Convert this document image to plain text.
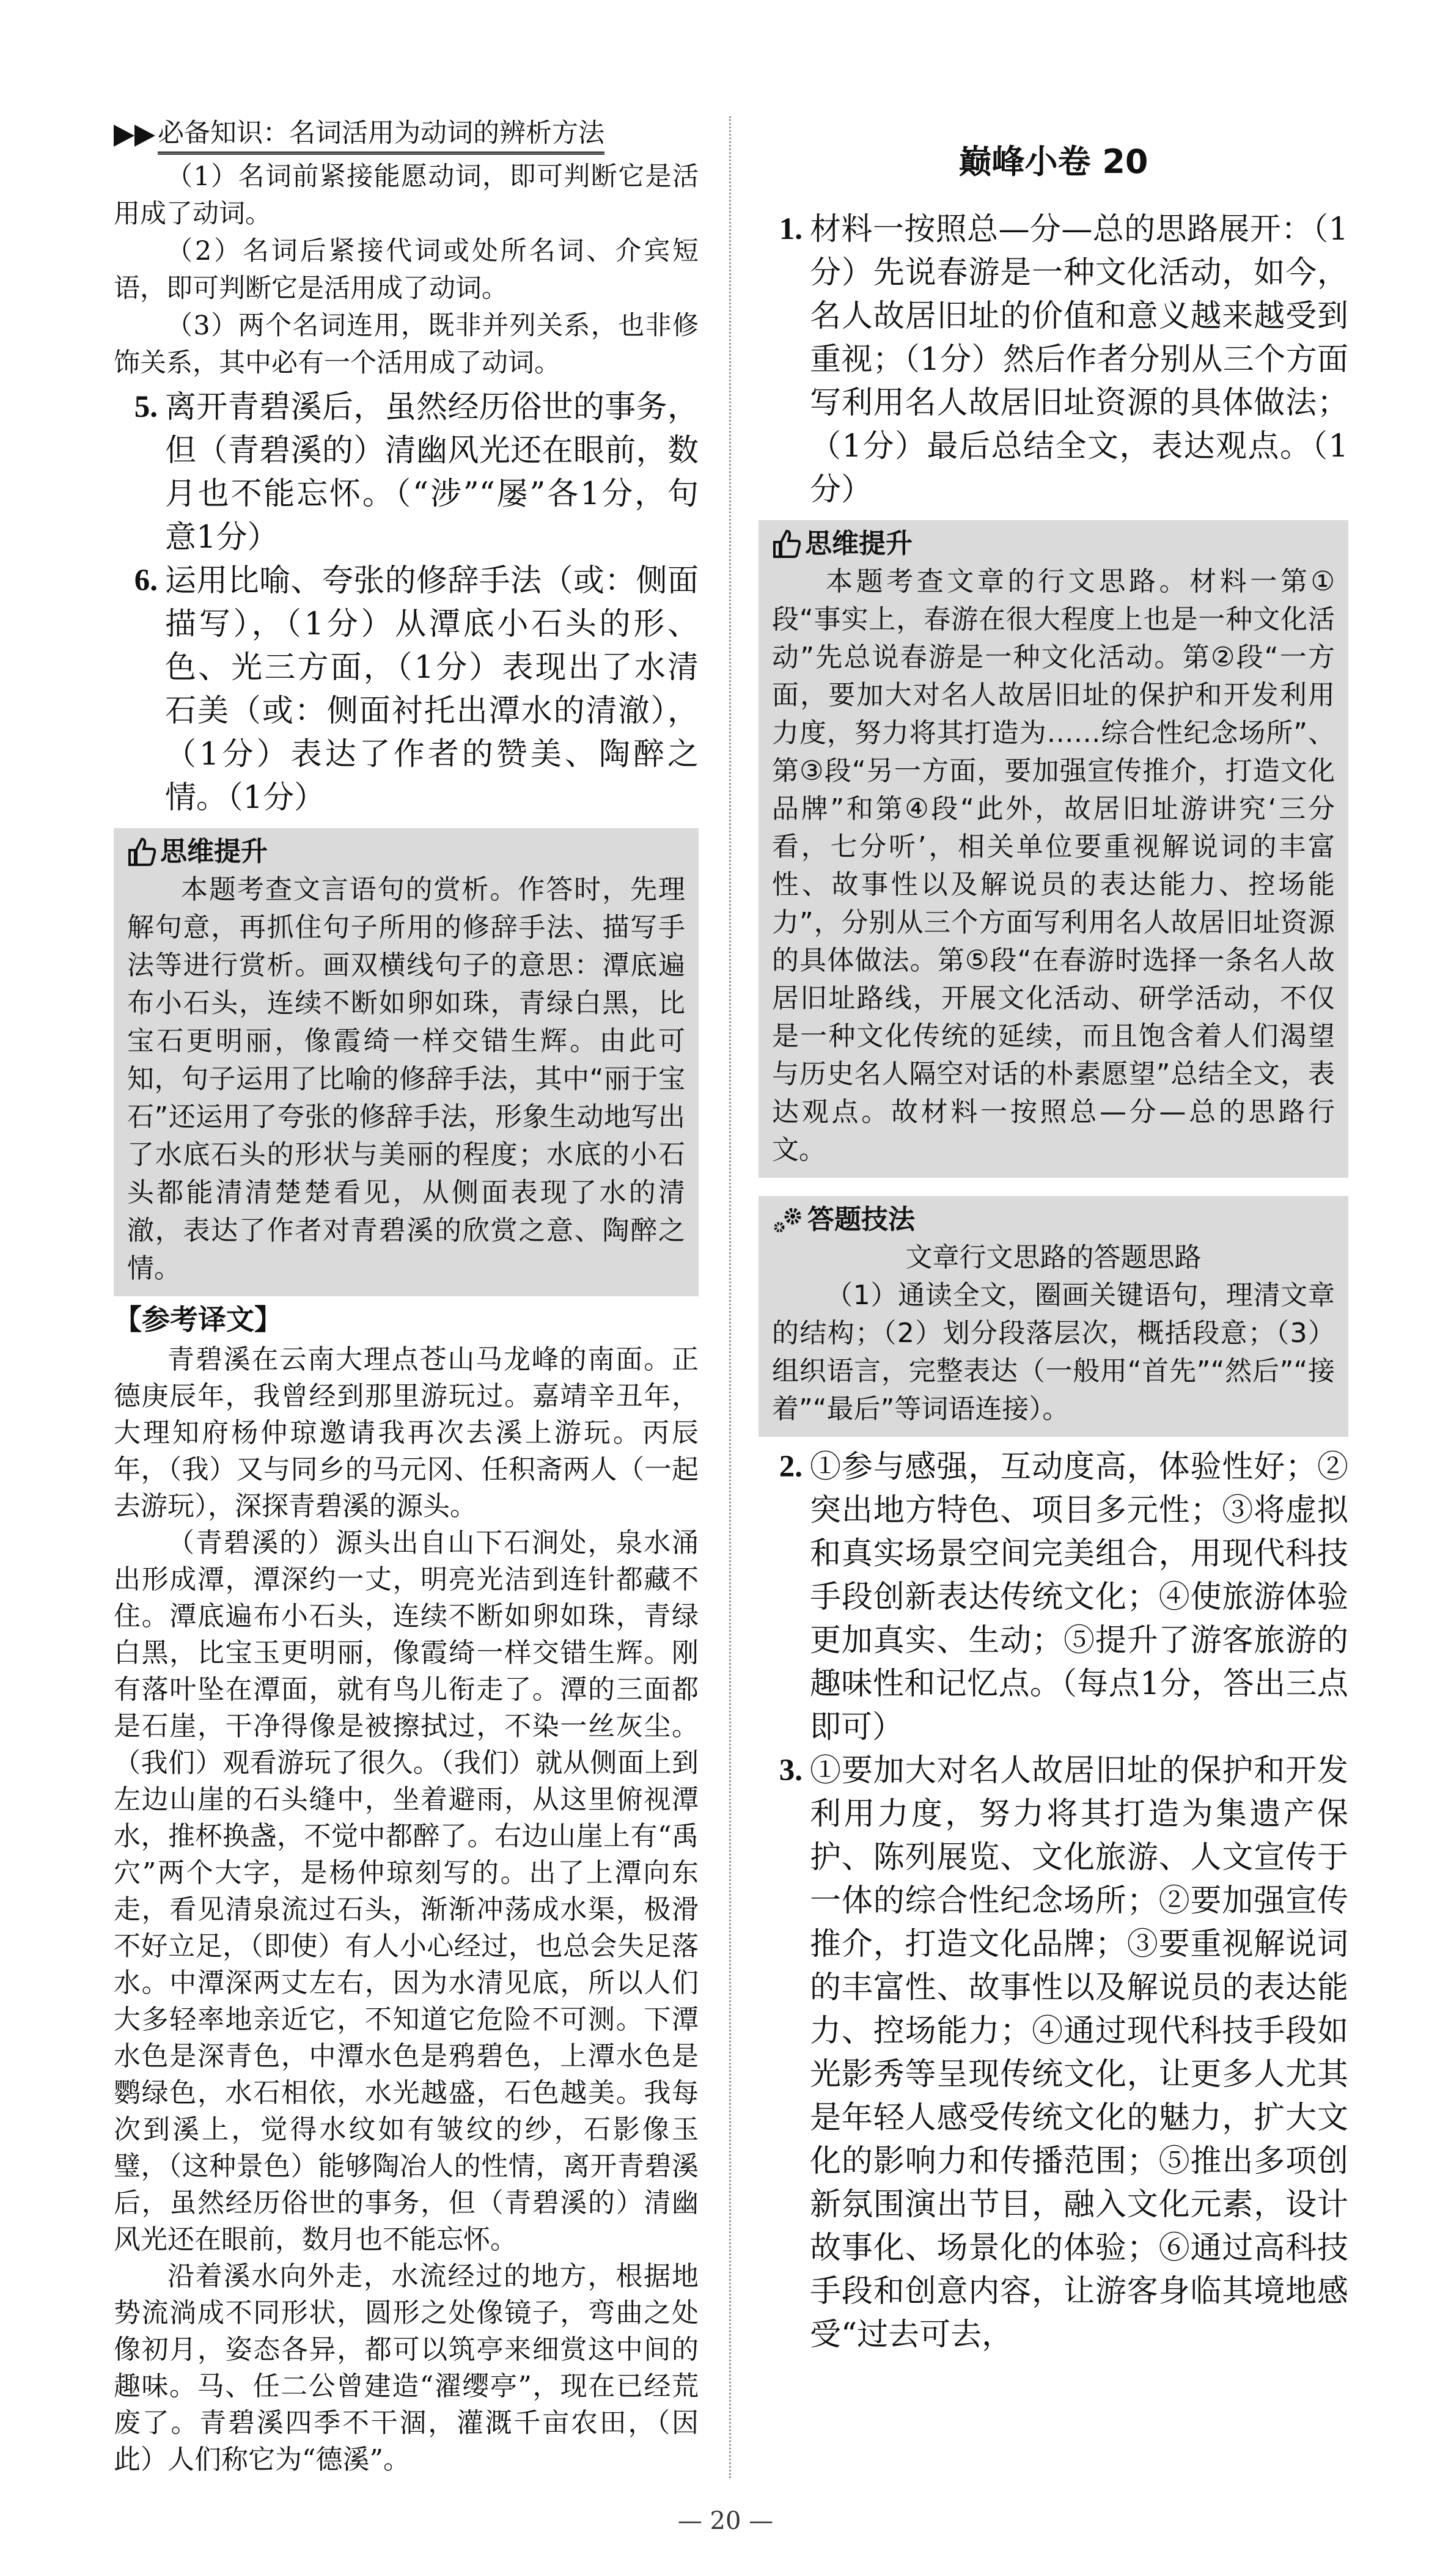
必备知识：名词活用为动词的辨析方法

（1）名词前紧接能愿动词，即可判断它是活用成了动词。

（2）名词后紧接代词或处所名词、介宾短语，即可判断它是活用成了动词。

（3）两个名词连用，既非并列关系，也非修饰关系，其中必有一个活用成了动词。

5. 离开青碧溪后，虽然经历俗世的事务，但（青碧溪的）清幽风光还在眼前，数月也不能忘怀。（“涉”“屡”各1分，句意1分）
6. 运用比喻、夸张的修辞手法（或：侧面描写），（1分）从潭底小石头的形、色、光三方面，（1分）表现出了水清石美（或：侧面衬托出潭水的清澈），（1分）表达了作者的赞美、陶醉之情。（1分）
思维提升

本题考查文言语句的赏析。作答时，先理解句意，再抓住句子所用的修辞手法、描写手法等进行赏析。画双横线句子的意思：潭底遍布小石头，连续不断如卵如珠，青绿白黑，比宝石更明丽，像霞绮一样交错生辉。由此可知，句子运用了比喻的修辞手法，其中“丽于宝石”还运用了夸张的修辞手法，形象生动地写出了水底石头的形状与美丽的程度；水底的小石头都能清清楚楚看见，从侧面表现了水的清澈，表达了作者对青碧溪的欣赏之意、陶醉之情。

【参考译文】

青碧溪在云南大理点苍山马龙峰的南面。正德庚辰年，我曾经到那里游玩过。嘉靖辛丑年，大理知府杨仲琼邀请我再次去溪上游玩。丙辰年，（我）又与同乡的马元冈、任积斋两人（一起去游玩），深探青碧溪的源头。

（青碧溪的）源头出自山下石涧处，泉水涌出形成潭，潭深约一丈，明亮光洁到连针都藏不住。潭底遍布小石头，连续不断如卵如珠，青绿白黑，比宝玉更明丽，像霞绮一样交错生辉。刚有落叶坠在潭面，就有鸟儿衔走了。潭的三面都是石崖，干净得像是被擦拭过，不染一丝灰尘。（我们）观看游玩了很久。（我们）就从侧面上到左边山崖的石头缝中，坐着避雨，从这里俯视潭水，推杯换盏，不觉中都醉了。右边山崖上有“禹穴”两个大字，是杨仲琼刻写的。出了上潭向东走，看见清泉流过石头，渐渐冲荡成水渠，极滑不好立足，（即使）有人小心经过，也总会失足落水。中潭深两丈左右，因为水清见底，所以人们大多轻率地亲近它，不知道它危险不可测。下潭水色是深青色，中潭水色是鸦碧色，上潭水色是鹦绿色，水石相依，水光越盛，石色越美。我每次到溪上，觉得水纹如有皱纹的纱，石影像玉璧，（这种景色）能够陶冶人的性情，离开青碧溪后，虽然经历俗世的事务，但（青碧溪的）清幽风光还在眼前，数月也不能忘怀。

沿着溪水向外走，水流经过的地方，根据地势流淌成不同形状，圆形之处像镜子，弯曲之处像初月，姿态各异，都可以筑亭来细赏这中间的趣味。马、任二公曾建造“濯缨亭”，现在已经荒废了。青碧溪四季不干涸，灌溉千亩农田，（因此）人们称它为“德溪”。

巅峰小卷 20
1. 材料一按照总—分—总的思路展开：（1分）先说春游是一种文化活动，如今，名人故居旧址的价值和意义越来越受到重视；（1分）然后作者分别从三个方面写利用名人故居旧址资源的具体做法；（1分）最后总结全文，表达观点。（1分）
思维提升

本题考查文章的行文思路。材料一第①段“事实上，春游在很大程度上也是一种文化活动”先总说春游是一种文化活动。第②段“一方面，要加大对名人故居旧址的保护和开发利用力度，努力将其打造为……综合性纪念场所”、第③段“另一方面，要加强宣传推介，打造文化品牌”和第④段“此外，故居旧址游讲究‘三分看，七分听’，相关单位要重视解说词的丰富性、故事性以及解说员的表达能力、控场能力”，分别从三个方面写利用名人故居旧址资源的具体做法。第⑤段“在春游时选择一条名人故居旧址路线，开展文化活动、研学活动，不仅是一种文化传统的延续，而且饱含着人们渴望与历史名人隔空对话的朴素愿望”总结全文，表达观点。故材料一按照总—分—总的思路行文。

答题技法

文章行文思路的答题思路

（1）通读全文，圈画关键语句，理清文章的结构；（2）划分段落层次，概括段意；（3）组织语言，完整表达（一般用“首先”“然后”“接着”“最后”等词语连接）。

2. ①参与感强，互动度高，体验性好；②突出地方特色、项目多元性；③将虚拟和真实场景空间完美组合，用现代科技手段创新表达传统文化；④使旅游体验更加真实、生动；⑤提升了游客旅游的趣味性和记忆点。（每点1分，答出三点即可）
3. ①要加大对名人故居旧址的保护和开发利用力度，努力将其打造为集遗产保护、陈列展览、文化旅游、人文宣传于一体的综合性纪念场所；②要加强宣传推介，打造文化品牌；③要重视解说词的丰富性、故事性以及解说员的表达能力、控场能力；④通过现代科技手段如光影秀等呈现传统文化，让更多人尤其是年轻人感受传统文化的魅力，扩大文化的影响力和传播范围；⑤推出多项创新氛围演出节目，融入文化元素，设计故事化、场景化的体验；⑥通过高科技手段和创意内容，让游客身临其境地感受“过去可去，
— 20 —
